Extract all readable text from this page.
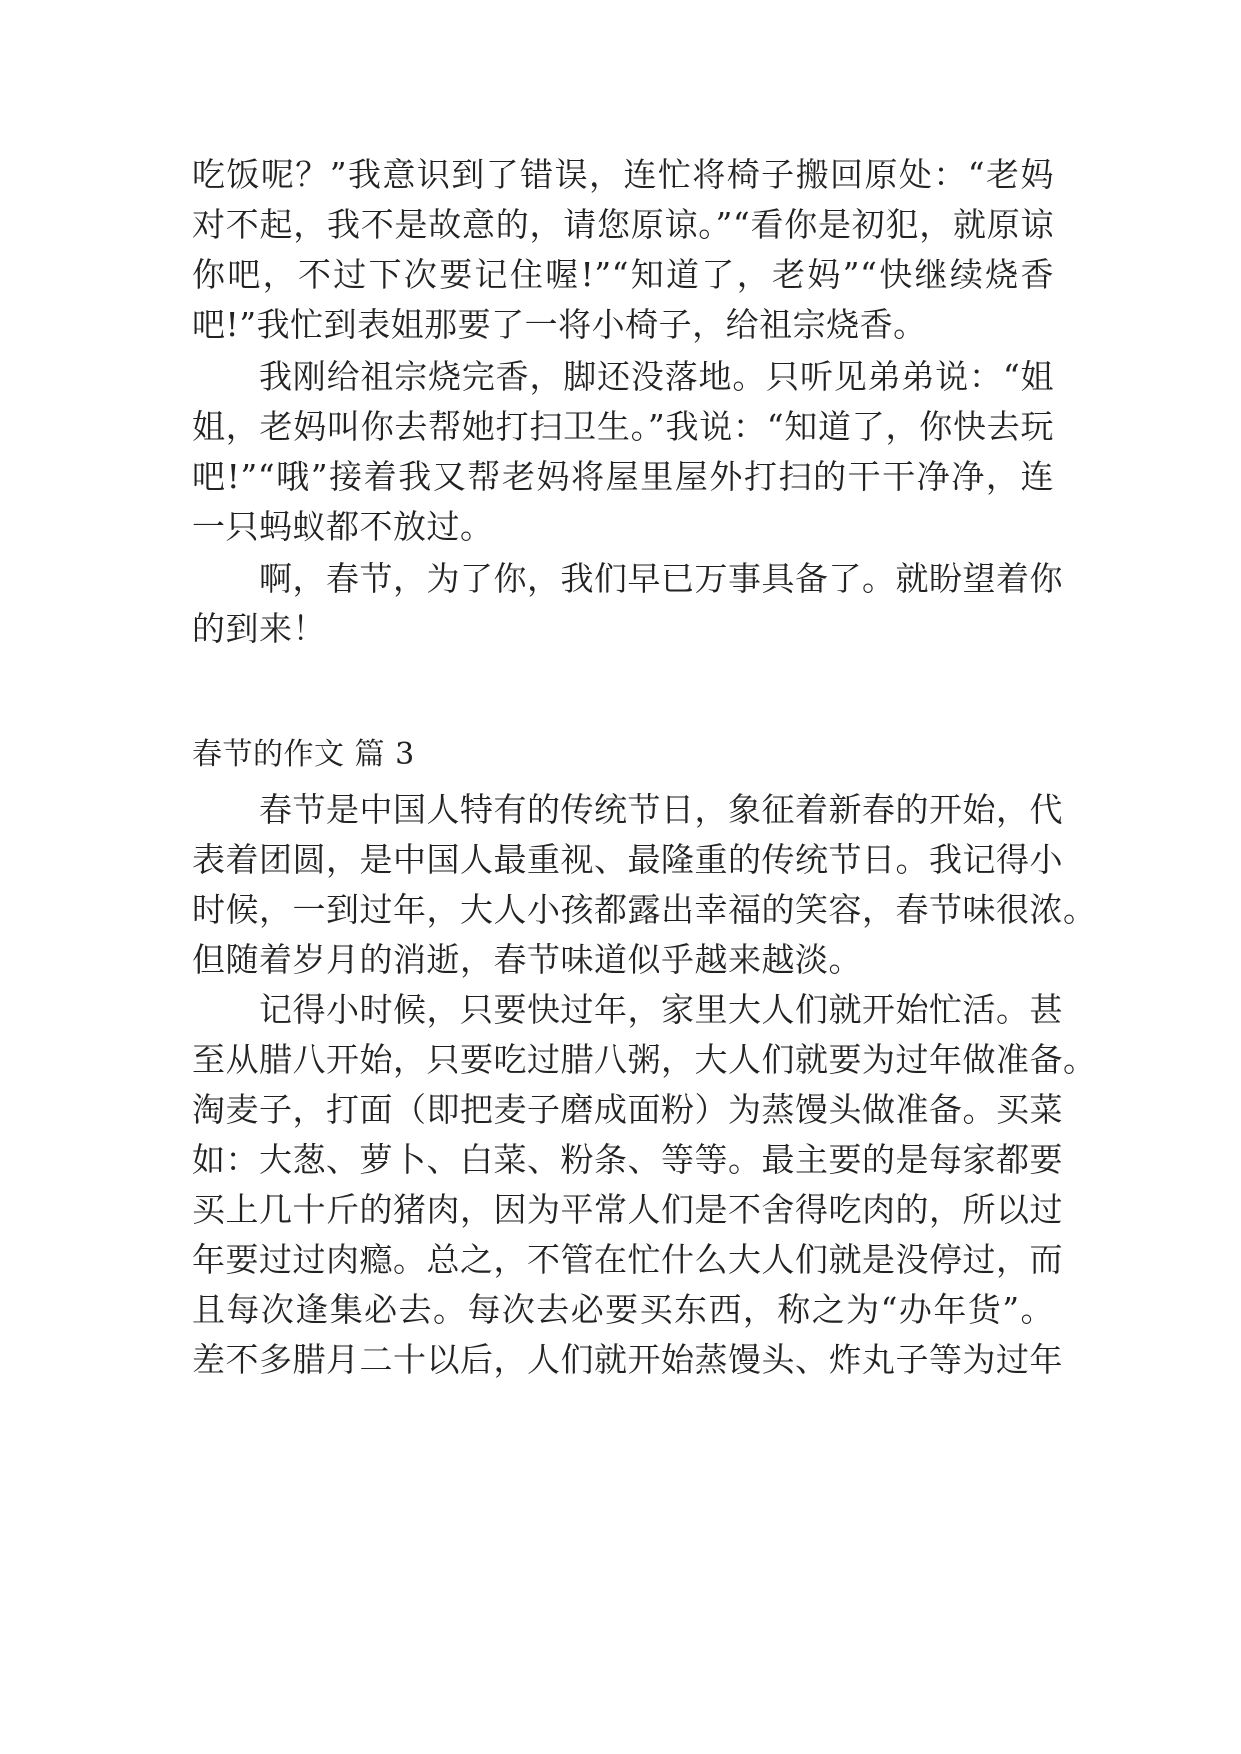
吃饭呢？”我意识到了错误，连忙将椅子搬回原处：“老妈
对不起，我不是故意的，请您原谅。”“看你是初犯，就原谅
你吧，不过下次要记住喔!”“知道了，老妈”“快继续烧香
吧!”我忙到表姐那要了一将小椅子，给祖宗烧香。
我刚给祖宗烧完香，脚还没落地。只听见弟弟说：“姐
姐，老妈叫你去帮她打扫卫生。”我说：“知道了，你快去玩
吧!”“哦”接着我又帮老妈将屋里屋外打扫的干干净净，连
一只蚂蚁都不放过。
啊，春节，为了你，我们早已万事具备了。就盼望着你
的到来！
春节的作文 篇 3
春节是中国人特有的传统节日，象征着新春的开始，代
表着团圆，是中国人最重视、最隆重的传统节日。我记得小
时候，一到过年，大人小孩都露出幸福的笑容，春节味很浓。
但随着岁月的消逝，春节味道似乎越来越淡。
记得小时候，只要快过年，家里大人们就开始忙活。甚
至从腊八开始，只要吃过腊八粥，大人们就要为过年做准备。
淘麦子，打面（即把麦子磨成面粉）为蒸馒头做准备。买菜
如：大葱、萝卜、白菜、粉条、等等。最主要的是每家都要
买上几十斤的猪肉，因为平常人们是不舍得吃肉的，所以过
年要过过肉瘾。总之，不管在忙什么大人们就是没停过，而
且每次逢集必去。每次去必要买东西，称之为“办年货”。
差不多腊月二十以后，人们就开始蒸馒头、炸丸子等为过年
